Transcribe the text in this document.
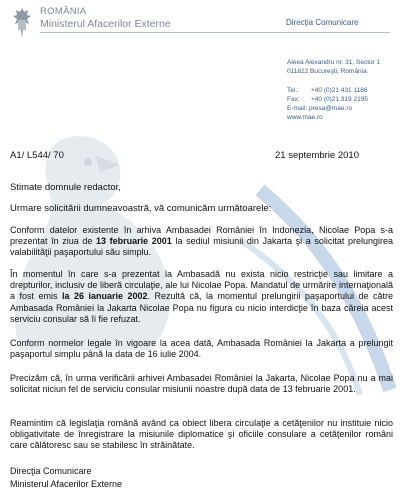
ROMÂNIA
Ministerul Afacerilor Externe	Direcţia Comunicare
Aleea Alexandru nr. 31, Sector 1
011822 Bucureşti, România
Tel.: +40 (0)21 431 1186
Fax: +40 (0)21 319 2195
E-mail: presa@mae.ro
www.mae.ro
A1/ L544/ 70	21 septembrie 2010
Stimate domnule redactor,
Urmare solicitării dumneavoastră, vă comunicăm următoarele:
Conform datelor existente în arhiva Ambasadei României în Indonezia, Nicolae Popa s-a prezentat în ziua de 13 februarie 2001 la sediul misiunii din Jakarta şi a solicitat prelungirea valabilităţii paşaportului său simplu.
În momentul în care s-a prezentat la Ambasadă nu exista nicio restricţie sau limitare a drepturilor, inclusiv de liberă circulaţie, ale lui Nicolae Popa. Mandatul de urmărire internaţională a fost emis la 26 ianuarie 2002. Rezultă că, la momentul prelungirii paşaportului de către Ambasada României la Jakarta Nicolae Popa nu figura cu nicio interdicţie în baza căreia acest serviciu consular să îi fie refuzat.
Conform normelor legale în vigoare la acea dată, Ambasada României la Jakarta a prelungit paşaportul simplu până la data de 16 iulie 2004.
Precizăm că, în urma verificării arhivei Ambasadei României la Jakarta, Nicolae Popa nu a mai solicitat niciun fel de serviciu consular misiunii noastre după data de 13 februarie 2001.
Reamintim că legislaţia română având ca obiect libera circulaţie a cetăţenilor nu instituie nicio obligativitate de înregistrare la misiunile diplomatice şi oficiile consulare a cetăţenilor români care călătoresc sau se stabilesc în străinătate.
Direcţia Comunicare
Ministerul Afacerilor Externe
